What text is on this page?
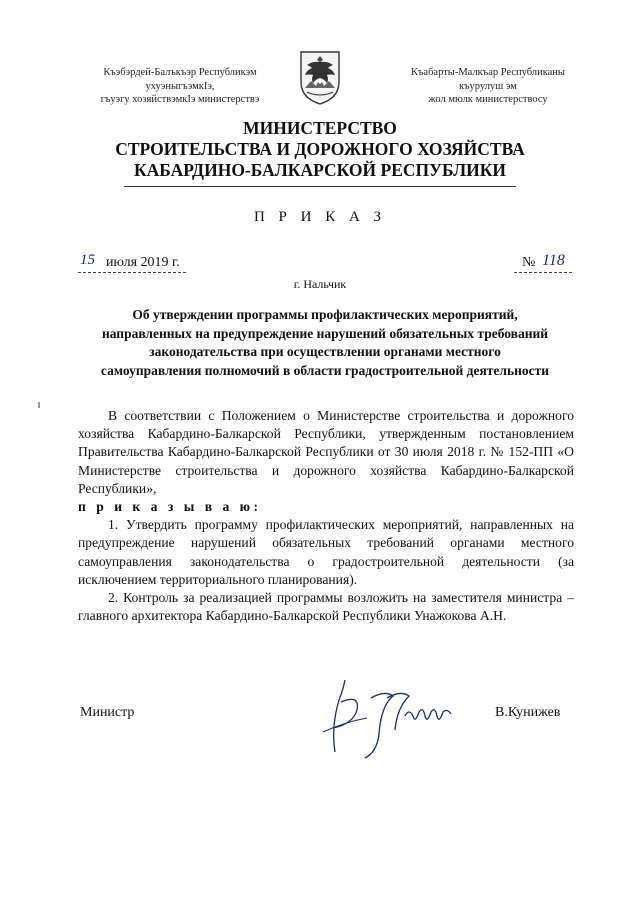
Къэбэрдей-Балъкъэр Республикэм
ухуэныгъэмкIэ,
гъуэгу хозяйствэмкIэ министерствэ
Къабарты-Малкъар Республиканы
къурулуш эм
жол мюлк министерствосу
МИНИСТЕРСТВО
СТРОИТЕЛЬСТВА И ДОРОЖНОГО ХОЗЯЙСТВА
КАБАРДИНО-БАЛКАРСКОЙ РЕСПУБЛИКИ
П Р И К А З
15 июля 2019 г.	№ 118
г. Нальчик
Об утверждении программы профилактических мероприятий,
направленных на предупреждение нарушений обязательных требований
законодательства при осуществлении органами местного
самоуправления полномочий в области градостроительной деятельности

В соответствии с Положением о Министерстве строительства и дорожного хозяйства Кабардино-Балкарской Республики, утвержденным постановлением Правительства Кабардино-Балкарской Республики от 30 июля 2018 г. № 152-ПП «О Министерстве строительства и дорожного хозяйства Кабардино-Балкарской Республики»,

п р и к а з ы в а ю:

1. Утвердить программу профилактических мероприятий, направленных на предупреждение нарушений обязательных требований органами местного самоуправления законодательства о градостроительной деятельности (за исключением территориального планирования).

2. Контроль за реализацией программы возложить на заместителя министра – главного архитектора Кабардино-Балкарской Республики Унажокова А.Н.

Министр	В.Кунижев
